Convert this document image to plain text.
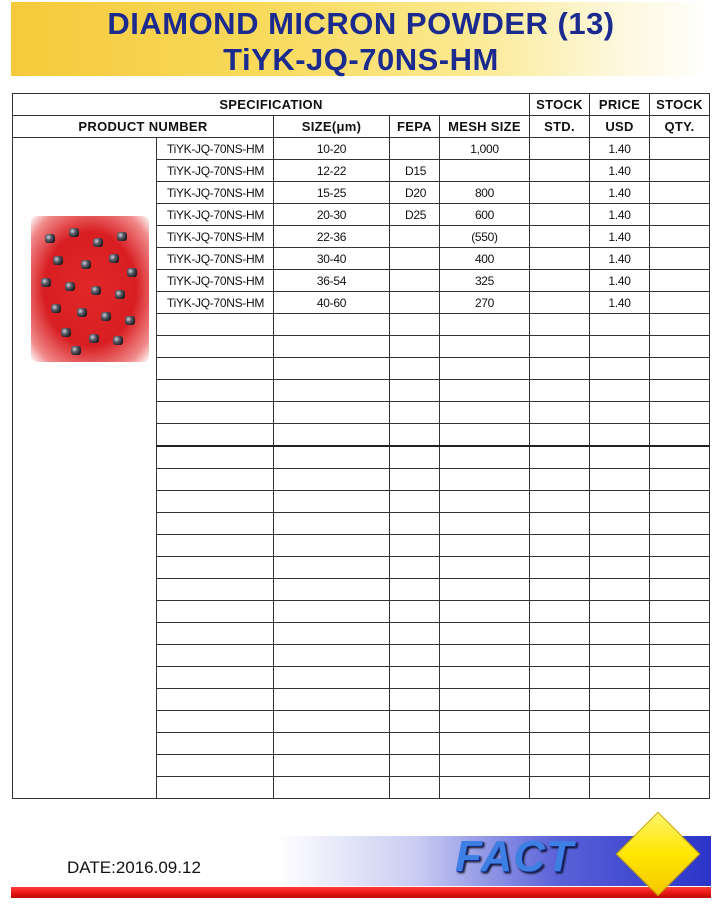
DIAMOND MICRON POWDER (13)
TiYK-JQ-70NS-HM
SPECIFICATION					STOCK	PRICE	STOCK
PRODUCT NUMBER		SIZE(μm)	FEPA	MESH SIZE	STD.	USD	QTY.

	TiYK-JQ-70NS-HM	10-20		1,000		1.40	
	TiYK-JQ-70NS-HM	12-22	D15			1.40	
	TiYK-JQ-70NS-HM	15-25	D20	800		1.40	
	TiYK-JQ-70NS-HM	20-30	D25	600		1.40	
	TiYK-JQ-70NS-HM	22-36		(550)		1.40	
	TiYK-JQ-70NS-HM	30-40		400		1.40	
	TiYK-JQ-70NS-HM	36-54		325		1.40	
	TiYK-JQ-70NS-HM	40-60		270		1.40	

DATE:2016.09.12	FACT
